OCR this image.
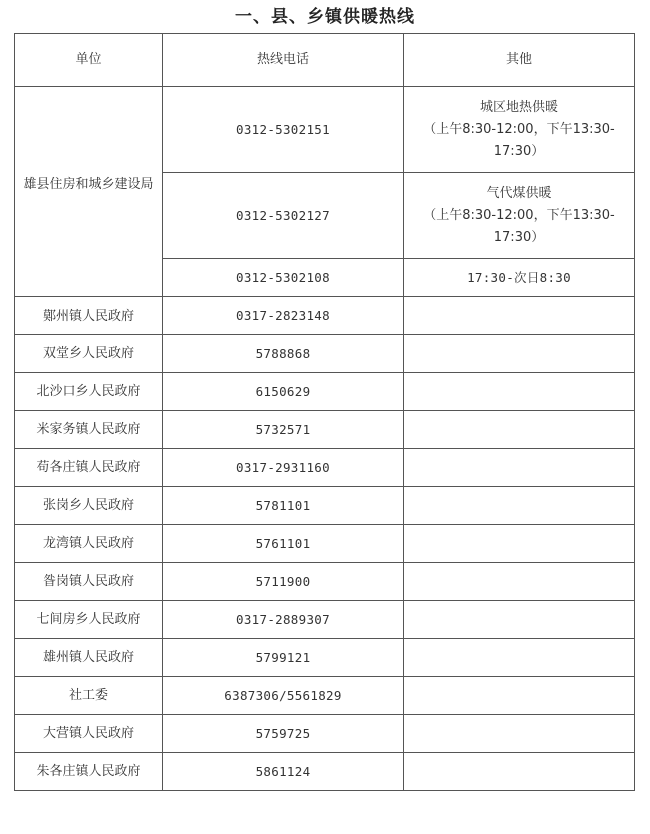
一、县、乡镇供暖热线
单位	热线电话	其他
雄县住房和城乡建设局	0312-5302151	城区地热供暖
（上午8:30-12:00，下午13:30-
17:30）

	0312-5302127	气代煤供暖
（上午8:30-12:00，下午13:30-
17:30）

	0312-5302108	17:30-次日8:30
鄚州镇人民政府	0317-2823148	
双堂乡人民政府	5788868	
北沙口乡人民政府	6150629	
米家务镇人民政府	5732571	
苟各庄镇人民政府	0317-2931160	
张岗乡人民政府	5781101	
龙湾镇人民政府	5761101	
昝岗镇人民政府	5711900	
七间房乡人民政府	0317-2889307	
雄州镇人民政府	5799121	
社工委	6387306/5561829	
大营镇人民政府	5759725	
朱各庄镇人民政府	5861124	
